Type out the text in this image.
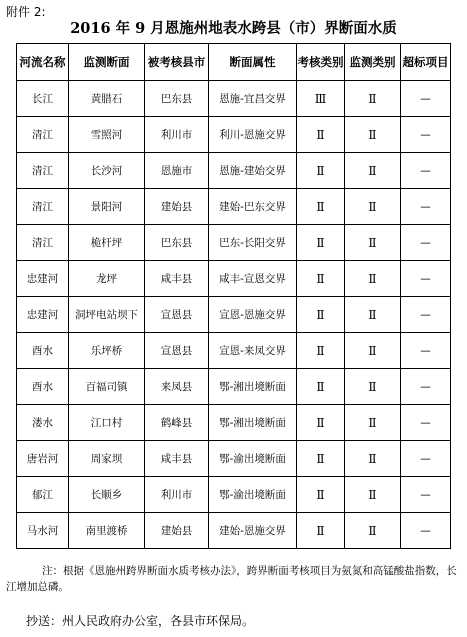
附件 2:
2016 年 9 月恩施州地表水跨县（市）界断面水质
河流名称	监测断面	被考核县市	断面属性	考核类别	监测类别	超标项目
长江	黄腊石	巴东县	恩施-宜昌交界	Ⅲ	Ⅱ	—
清江	雪照河	利川市	利川-恩施交界	Ⅱ	Ⅱ	—
清江	长沙河	恩施市	恩施-建始交界	Ⅱ	Ⅱ	—
清江	景阳河	建始县	建始-巴东交界	Ⅱ	Ⅱ	—
清江	桅杆坪	巴东县	巴东-长阳交界	Ⅱ	Ⅱ	—
忠建河	龙坪	咸丰县	咸丰-宣恩交界	Ⅱ	Ⅱ	—
忠建河	洞坪电站坝下	宣恩县	宣恩-恩施交界	Ⅱ	Ⅱ	—
酉水	乐坪桥	宣恩县	宣恩-来凤交界	Ⅱ	Ⅱ	—
酉水	百福司镇	来凤县	鄂-湘出境断面	Ⅱ	Ⅱ	—
溇水	江口村	鹤峰县	鄂-湘出境断面	Ⅱ	Ⅱ	—
唐岩河	周家坝	咸丰县	鄂-渝出境断面	Ⅱ	Ⅱ	—
郁江	长顺乡	利川市	鄂-渝出境断面	Ⅱ	Ⅱ	—
马水河	南里渡桥	建始县	建始-恩施交界	Ⅱ	Ⅱ	—
注：根据《恩施州跨界断面水质考核办法》，跨界断面考核项目为氨氮和高锰酸盐指数，长江增加总磷。
抄送：州人民政府办公室，各县市环保局。
